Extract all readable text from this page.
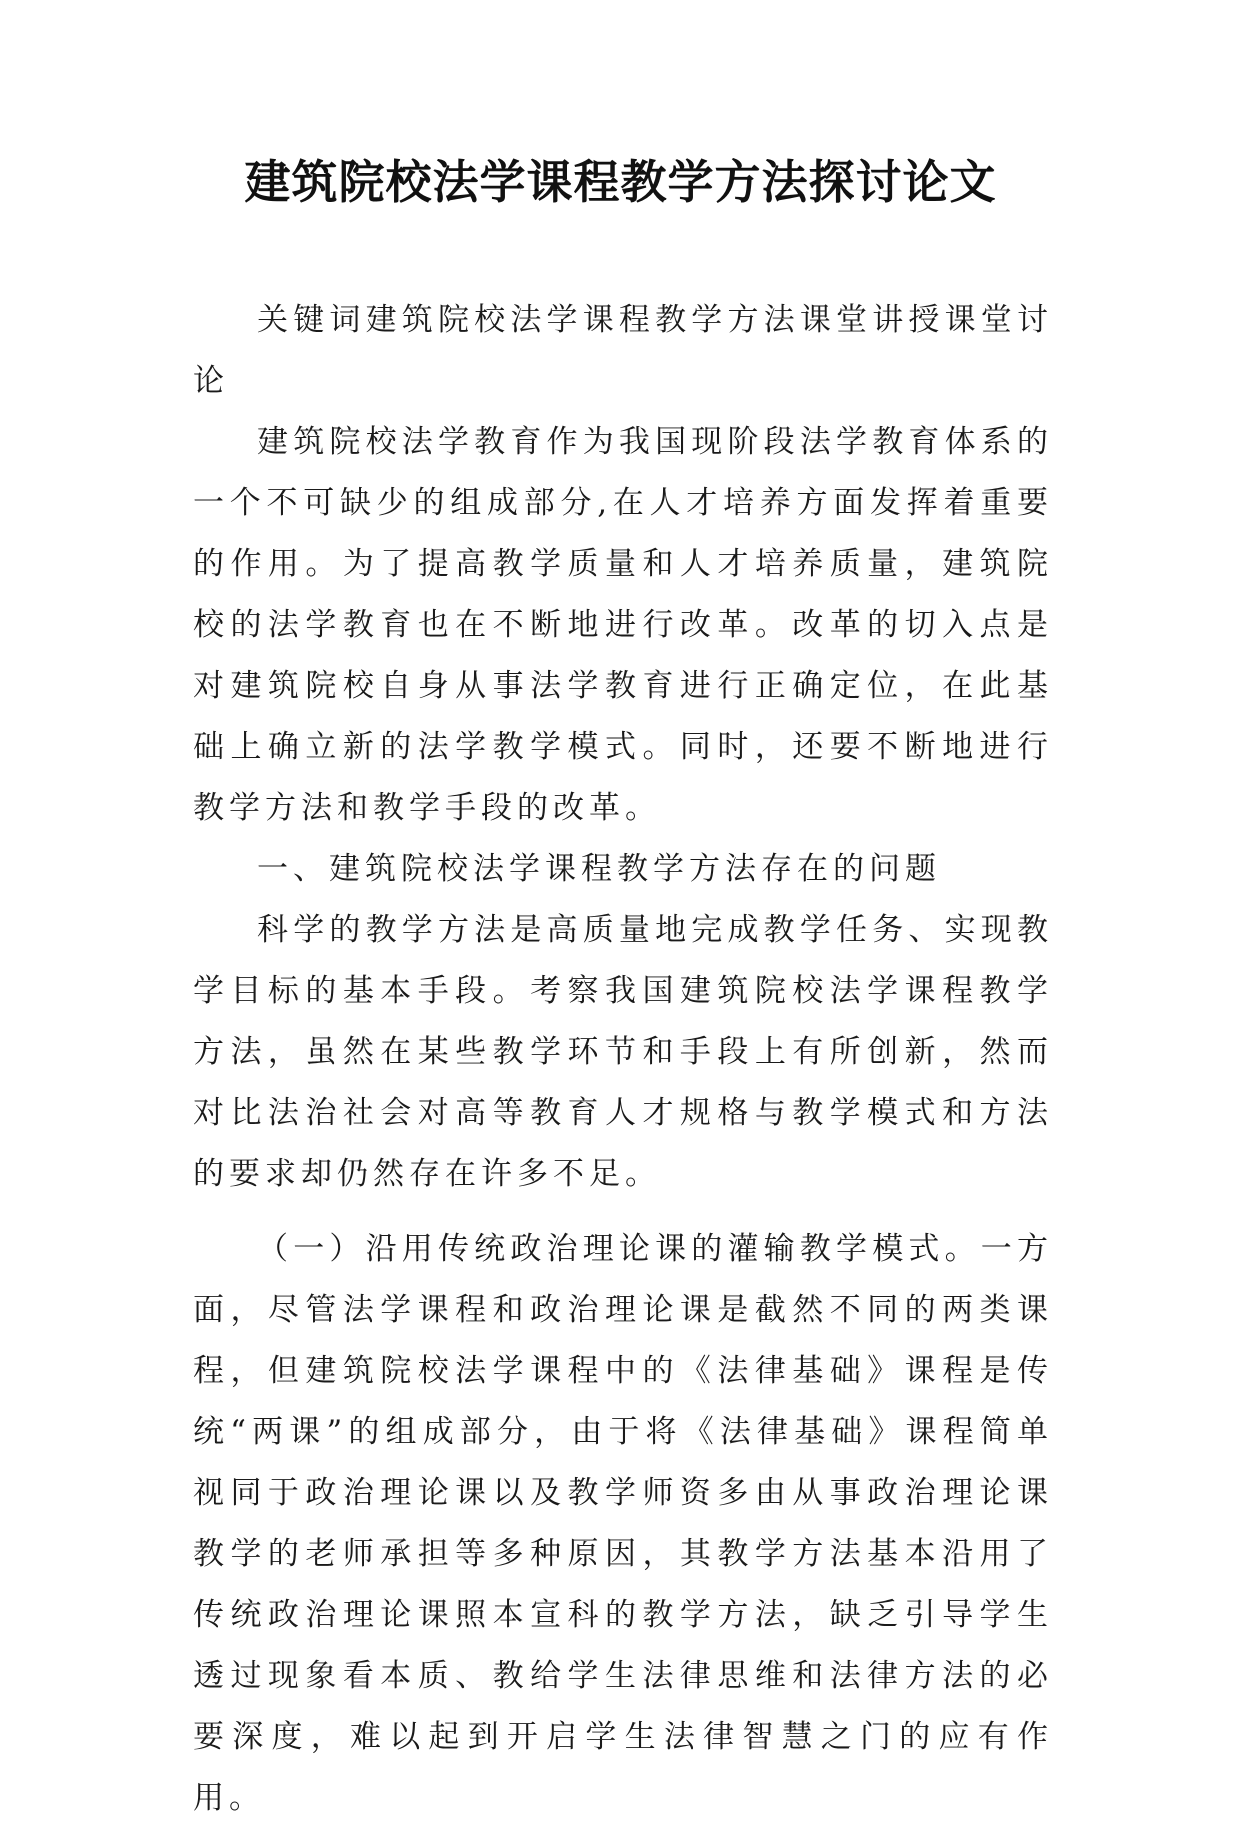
建筑院校法学课程教学方法探讨论文

关键词建筑院校法学课程教学方法课堂讲授课堂讨论

建筑院校法学教育作为我国现阶段法学教育体系的一个不可缺少的组成部分,在人才培养方面发挥着重要的作用。为了提高教学质量和人才培养质量，建筑院校的法学教育也在不断地进行改革。改革的切入点是对建筑院校自身从事法学教育进行正确定位，在此基础上确立新的法学教学模式。同时，还要不断地进行教学方法和教学手段的改革。

一、建筑院校法学课程教学方法存在的问题

科学的教学方法是高质量地完成教学任务、实现教学目标的基本手段。考察我国建筑院校法学课程教学方法，虽然在某些教学环节和手段上有所创新，然而对比法治社会对高等教育人才规格与教学模式和方法的要求却仍然存在许多不足。

（一）沿用传统政治理论课的灌输教学模式。一方面，尽管法学课程和政治理论课是截然不同的两类课程，但建筑院校法学课程中的《法律基础》课程是传统“两课”的组成部分，由于将《法律基础》课程简单视同于政治理论课以及教学师资多由从事政治理论课教学的老师承担等多种原因，其教学方法基本沿用了传统政治理论课照本宣科的教学方法，缺乏引导学生透过现象看本质、教给学生法律思维和法律方法的必要深度，难以起到开启学生法律智慧之门的应有作用。
